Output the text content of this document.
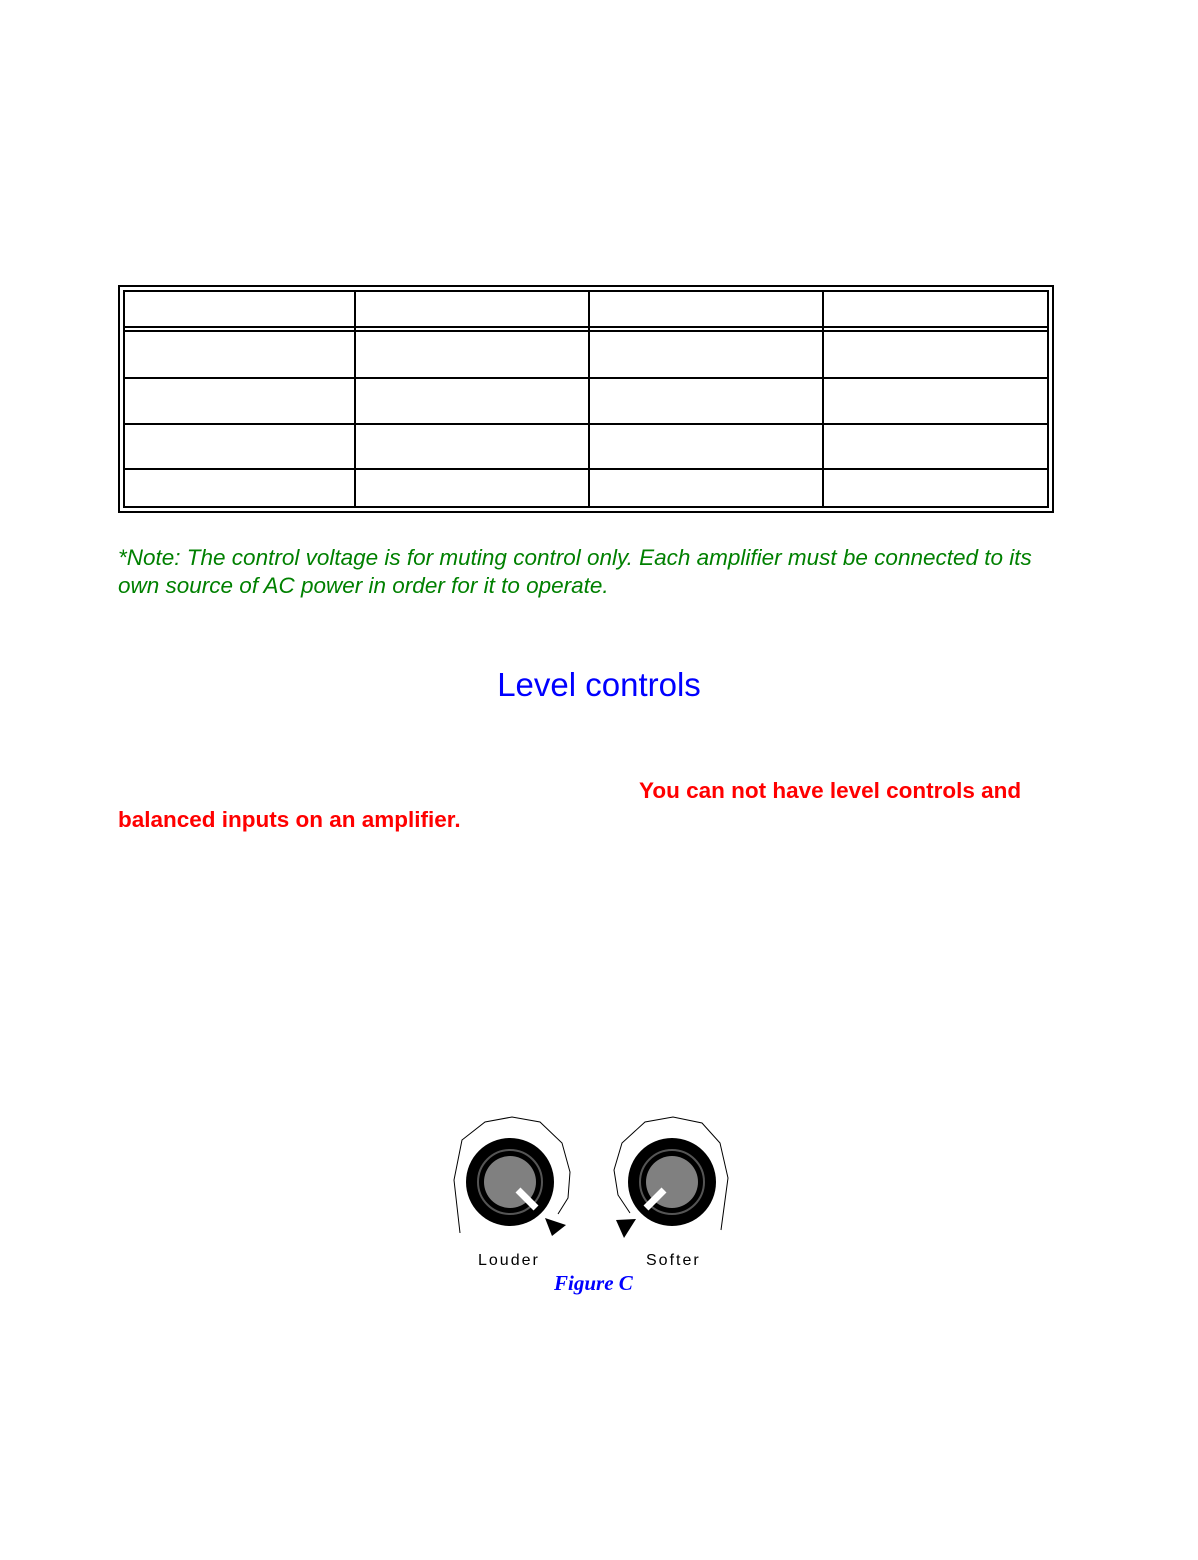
*Note: The control voltage is for muting control only. Each amplifier must be connected to its own source of AC power in order for it to operate.

Level controls

You can not have level controls and balanced inputs on an amplifier.

Louder	Softer
Figure C
